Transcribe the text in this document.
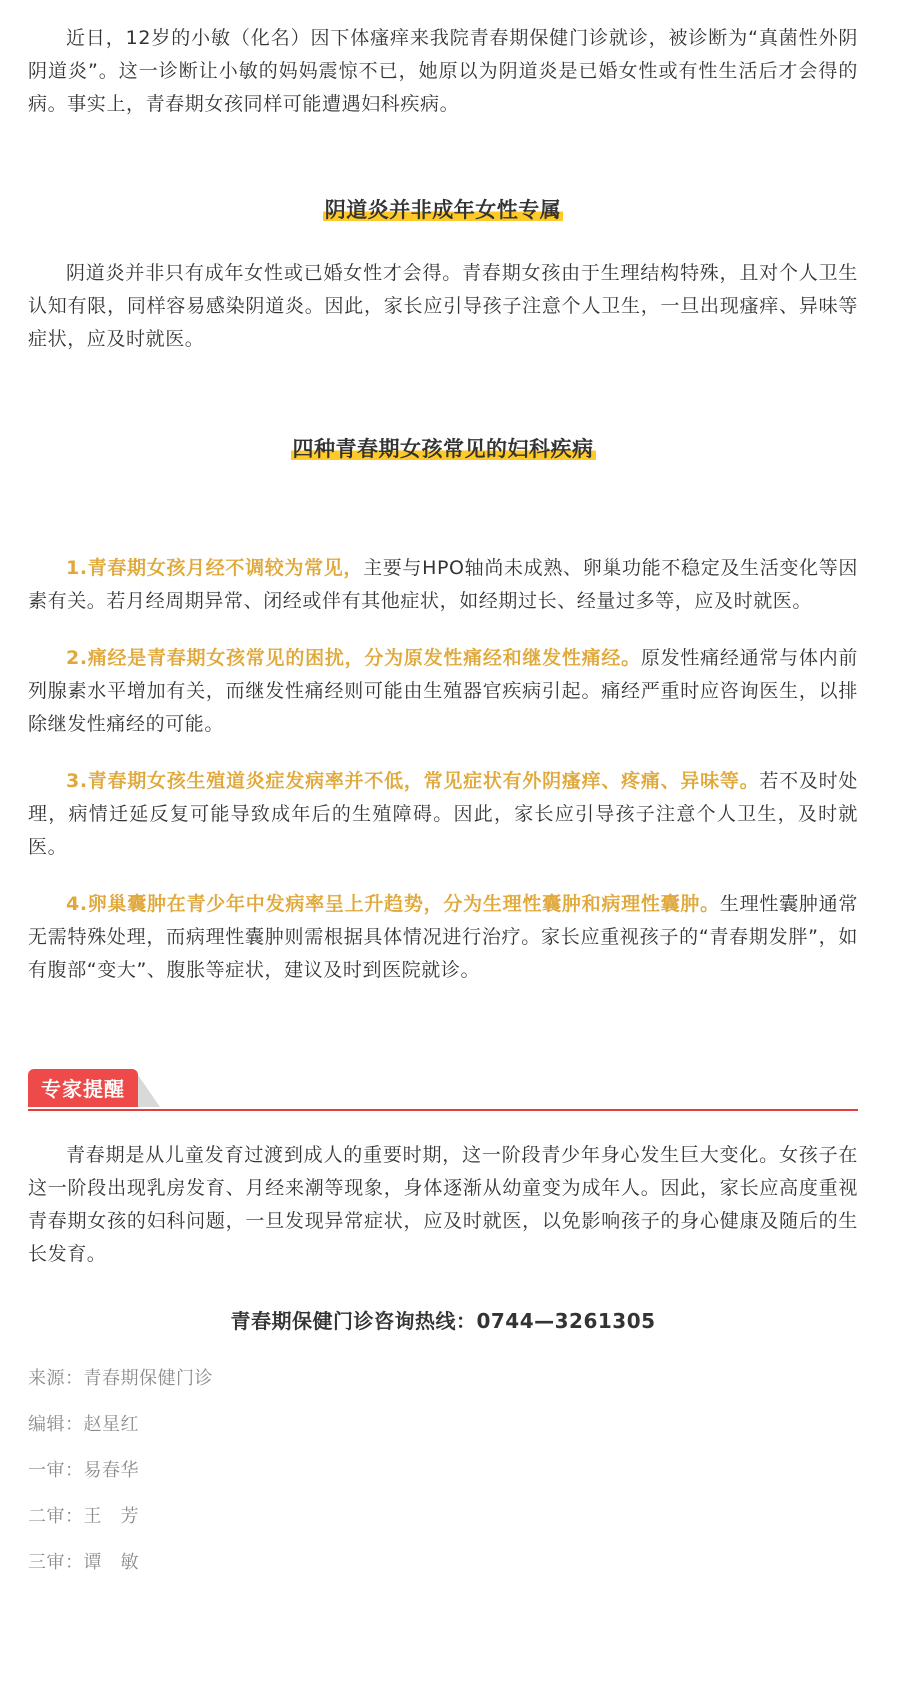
近日，12岁的小敏（化名）因下体瘙痒来我院青春期保健门诊就诊，被诊断为“真菌性外阴阴道炎”。这一诊断让小敏的妈妈震惊不已，她原以为阴道炎是已婚女性或有性生活后才会得的病。事实上，青春期女孩同样可能遭遇妇科疾病。

阴道炎并非成年女性专属

阴道炎并非只有成年女性或已婚女性才会得。青春期女孩由于生理结构特殊，且对个人卫生认知有限，同样容易感染阴道炎。因此，家长应引导孩子注意个人卫生，一旦出现瘙痒、异味等症状，应及时就医。

四种青春期女孩常见的妇科疾病

1.青春期女孩月经不调较为常见，主要与HPO轴尚未成熟、卵巢功能不稳定及生活变化等因素有关。若月经周期异常、闭经或伴有其他症状，如经期过长、经量过多等，应及时就医。

2.痛经是青春期女孩常见的困扰，分为原发性痛经和继发性痛经。原发性痛经通常与体内前列腺素水平增加有关，而继发性痛经则可能由生殖器官疾病引起。痛经严重时应咨询医生，以排除继发性痛经的可能。

3.青春期女孩生殖道炎症发病率并不低，常见症状有外阴瘙痒、疼痛、异味等。若不及时处理，病情迁延反复可能导致成年后的生殖障碍。因此，家长应引导孩子注意个人卫生，及时就医。

4.卵巢囊肿在青少年中发病率呈上升趋势，分为生理性囊肿和病理性囊肿。生理性囊肿通常无需特殊处理，而病理性囊肿则需根据具体情况进行治疗。家长应重视孩子的“青春期发胖”，如有腹部“变大”、腹胀等症状，建议及时到医院就诊。

专家提醒

青春期是从儿童发育过渡到成人的重要时期，这一阶段青少年身心发生巨大变化。女孩子在这一阶段出现乳房发育、月经来潮等现象，身体逐渐从幼童变为成年人。因此，家长应高度重视青春期女孩的妇科问题，一旦发现异常症状，应及时就医，以免影响孩子的身心健康及随后的生长发育。

青春期保健门诊咨询热线：0744—3261305
来源：青春期保健门诊
编辑：赵星红
一审：易春华
二审：王　芳
三审：谭　敏
